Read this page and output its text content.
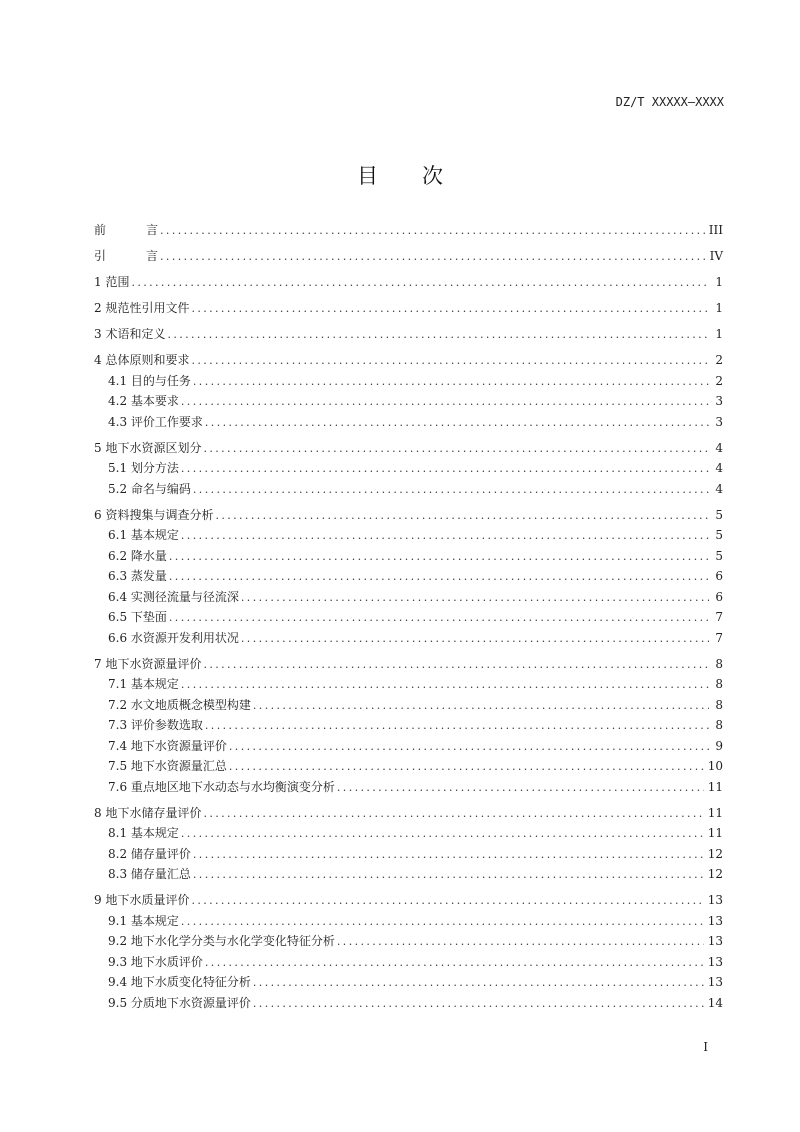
DZ/T XXXXX—XXXX
目 次
前	言 .....	III
引	言 .....	IV
1 范围 .....	1
2 规范性引用文件 .....	1
3 术语和定义 .....	1
4 总体原则和要求 .....	2
4.1 目的与任务 .....	2
4.2 基本要求 .....	3
4.3 评价工作要求 .....	3
5 地下水资源区划分 .....	4
5.1 划分方法 .....	4
5.2 命名与编码 .....	4
6 资料搜集与调查分析 .....	5
6.1 基本规定 .....	5
6.2 降水量 .....	5
6.3 蒸发量 .....	6
6.4 实测径流量与径流深 .....	6
6.5 下垫面 .....	7
6.6 水资源开发利用状况 .....	7
7 地下水资源量评价 .....	8
7.1 基本规定 .....	8
7.2 水文地质概念模型构建 .....	8
7.3 评价参数选取 .....	8
7.4 地下水资源量评价 .....	9
7.5 地下水资源量汇总 .....	10
7.6 重点地区地下水动态与水均衡演变分析 .....	11
8 地下水储存量评价 .....	11
8.1 基本规定 .....	11
8.2 储存量评价 .....	12
8.3 储存量汇总 .....	12
9 地下水质量评价 .....	13
9.1 基本规定 .....	13
9.2 地下水化学分类与水化学变化特征分析 .....	13
9.3 地下水质评价 .....	13
9.4 地下水质变化特征分析 .....	13
9.5 分质地下水资源量评价 .....	14
I
